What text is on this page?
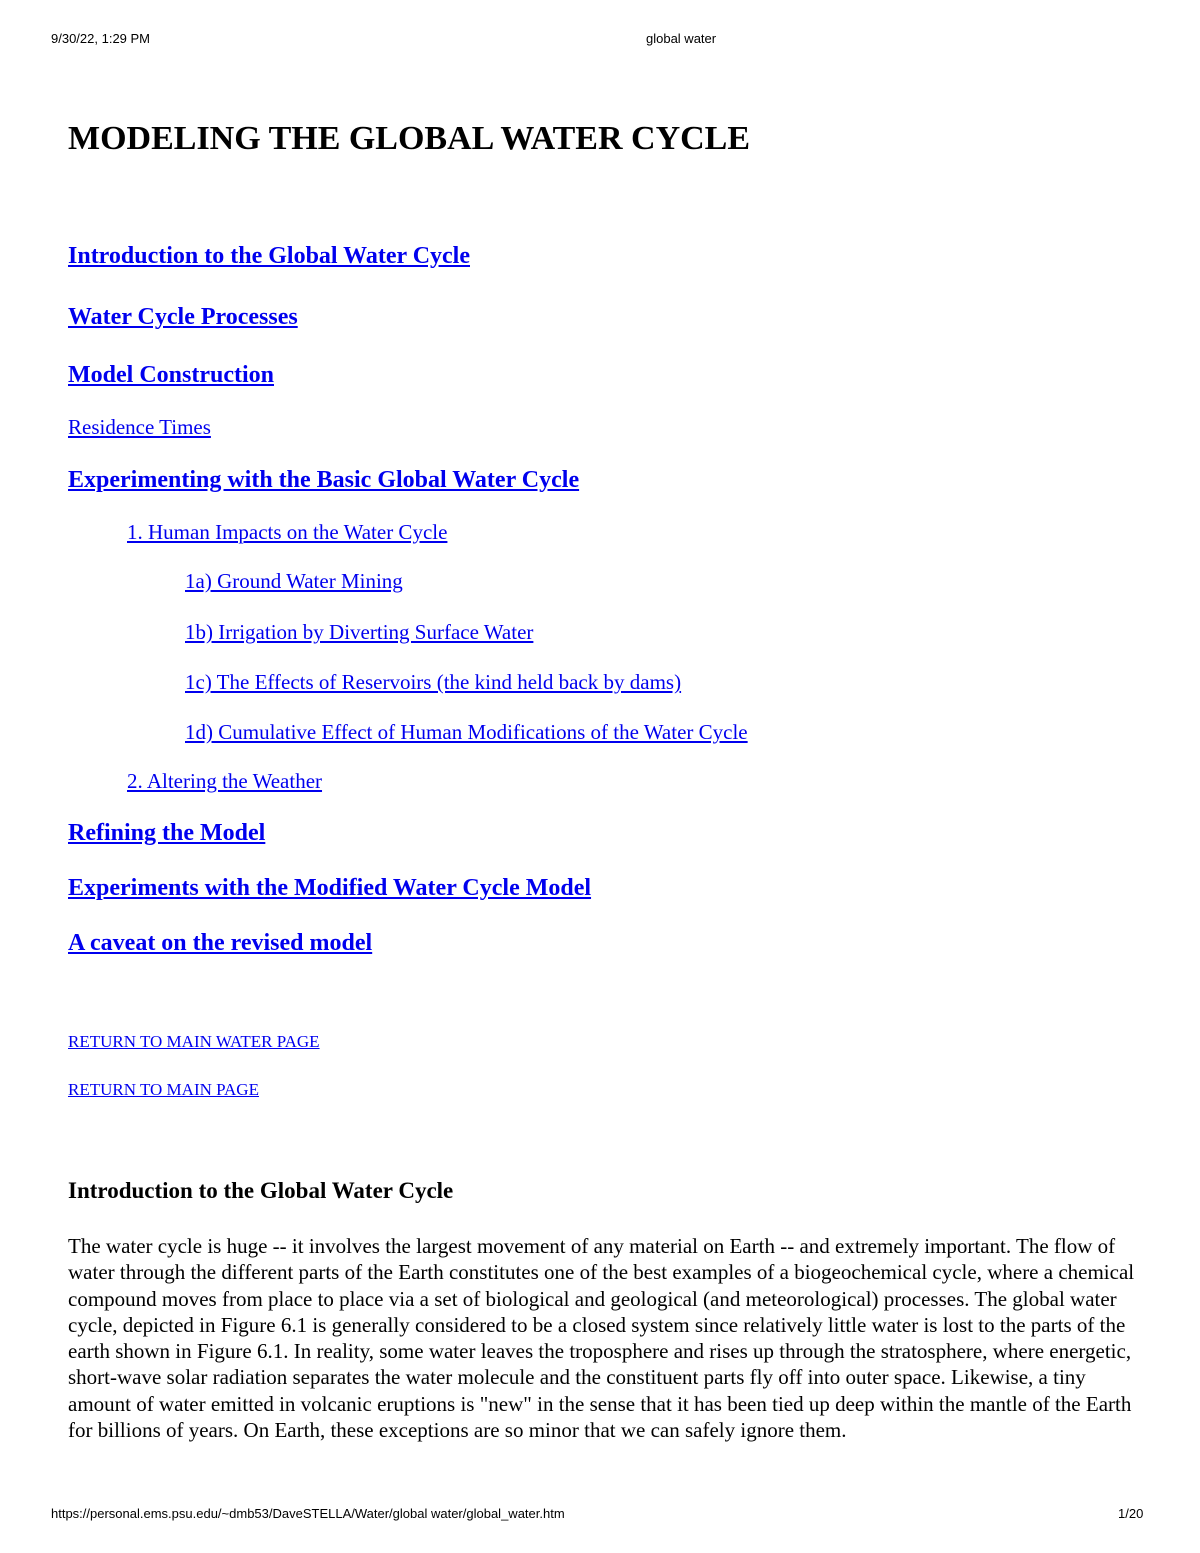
9/30/22, 1:29 PM	global water
MODELING THE GLOBAL WATER CYCLE
Introduction to the Global Water Cycle
Water Cycle Processes
Model Construction
Residence Times
Experimenting with the Basic Global Water Cycle
1. Human Impacts on the Water Cycle
1a) Ground Water Mining
1b) Irrigation by Diverting Surface Water
1c) The Effects of Reservoirs (the kind held back by dams)
1d) Cumulative Effect of Human Modifications of the Water Cycle
2. Altering the Weather
Refining the Model
Experiments with the Modified Water Cycle Model
A caveat on the revised model
RETURN TO MAIN WATER PAGE
RETURN TO MAIN PAGE
Introduction to the Global Water Cycle

The water cycle is huge -- it involves the largest movement of any material on Earth -- and extremely important. The flow of water through the different parts of the Earth constitutes one of the best examples of a biogeochemical cycle, where a chemical compound moves from place to place via a set of biological and geological (and meteorological) processes. The global water cycle, depicted in Figure 6.1 is generally considered to be a closed system since relatively little water is lost to the parts of the earth shown in Figure 6.1. In reality, some water leaves the troposphere and rises up through the stratosphere, where energetic, short-wave solar radiation separates the water molecule and the constituent parts fly off into outer space. Likewise, a tiny amount of water emitted in volcanic eruptions is "new" in the sense that it has been tied up deep within the mantle of the Earth for billions of years. On Earth, these exceptions are so minor that we can safely ignore them.

https://personal.ems.psu.edu/~dmb53/DaveSTELLA/Water/global water/global_water.htm	1/20
